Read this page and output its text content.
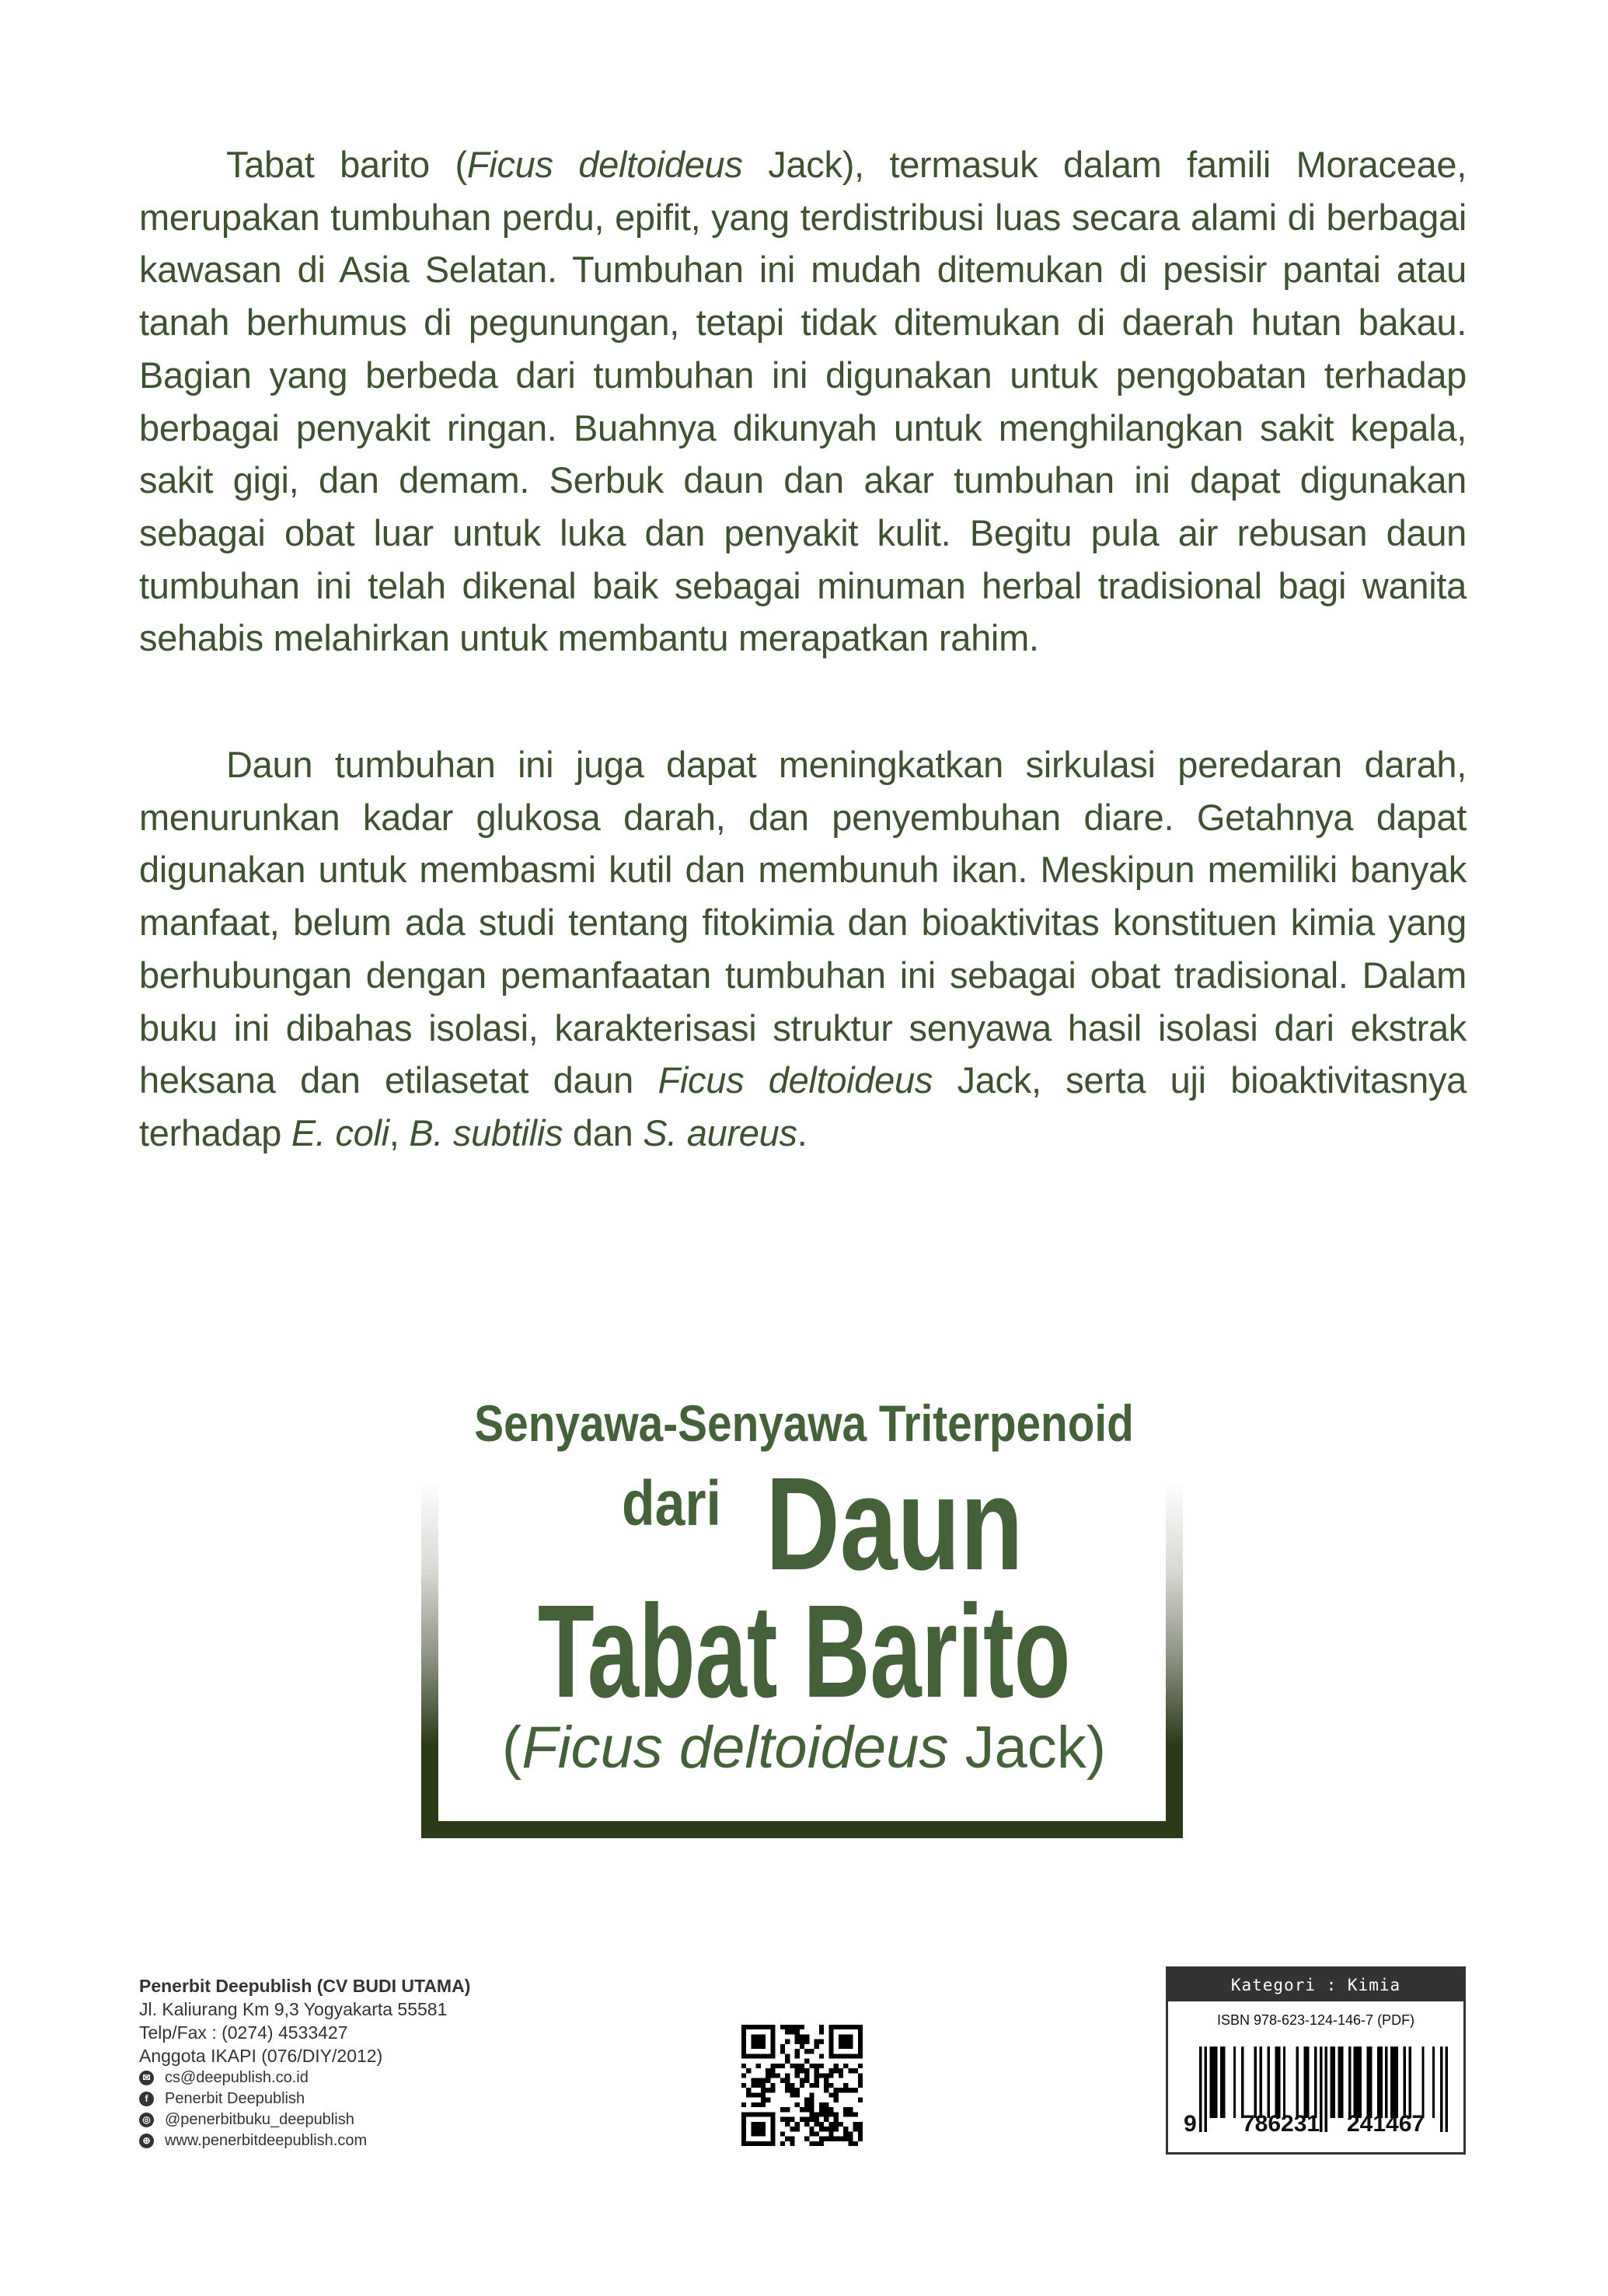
Tabat barito (Ficus deltoideus Jack), termasuk dalam famili Moraceae, merupakan tumbuhan perdu, epifit, yang terdistribusi luas secara alami di berbagai kawasan di Asia Selatan. Tumbuhan ini mudah ditemukan di pesisir pantai atau tanah berhumus di pegunungan, tetapi tidak ditemukan di daerah hutan bakau. Bagian yang berbeda dari tumbuhan ini digunakan untuk pengobatan terhadap berbagai penyakit ringan. Buahnya dikunyah untuk menghilangkan sakit kepala, sakit gigi, dan demam. Serbuk daun dan akar tumbuhan ini dapat digunakan sebagai obat luar untuk luka dan penyakit kulit. Begitu pula air rebusan daun tumbuhan ini telah dikenal baik sebagai minuman herbal tradisional bagi wanita sehabis melahirkan untuk membantu merapatkan rahim.

Daun tumbuhan ini juga dapat meningkatkan sirkulasi peredaran darah, menurunkan kadar glukosa darah, dan penyembuhan diare. Getahnya dapat digunakan untuk membasmi kutil dan membunuh ikan. Meskipun memiliki banyak manfaat, belum ada studi tentang fitokimia dan bioaktivitas konstituen kimia yang berhubungan dengan pemanfaatan tumbuhan ini sebagai obat tradisional. Dalam buku ini dibahas isolasi, karakterisasi struktur senyawa hasil isolasi dari ekstrak heksana dan etilasetat daun Ficus deltoideus Jack, serta uji bioaktivitasnya terhadap E. coli, B. subtilis dan S. aureus.

Senyawa-Senyawa Triterpenoid
dari Daun
Tabat Barito
(Ficus deltoideus Jack)
Penerbit Deepublish (CV BUDI UTAMA)
Jl. Kaliurang Km 9,3 Yogyakarta 55581
Telp/Fax : (0274) 4533427
Anggota IKAPI (076/DIY/2012)
✉ cs@deepublish.co.id
f	Penerbit Deepublish
◎ @penerbitbuku_deepublish
⊕ www.penerbitdeepublish.com
Kategori : Kimia
ISBN 978-623-124-146-7 (PDF)
9 786231 241467
